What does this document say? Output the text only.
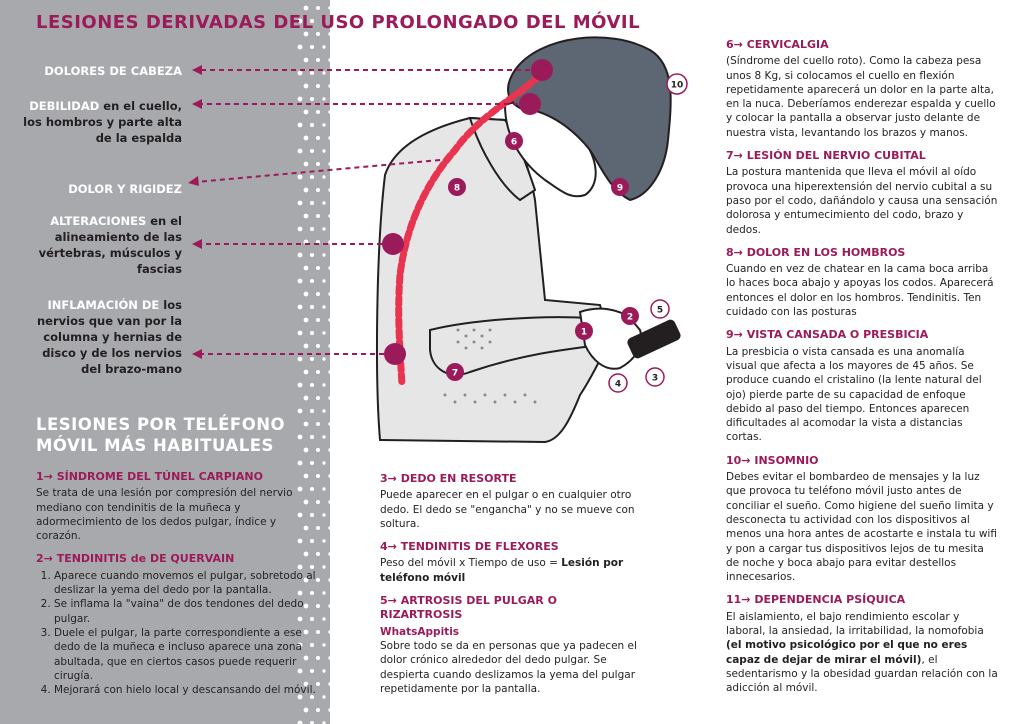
LESIONES DERIVADAS DEL USO PROLONGADO DEL MÓVIL
DOLORES DE CABEZA
DEBILIDAD en el cuello, los hombros y parte alta de la espalda
DOLOR Y RIGIDEZ
ALTERACIONES en el alineamiento de las vértebras, músculos y fascias
INFLAMACIÓN DE los nervios que van por la columna y hernias de disco y de los nervios del brazo-mano
1
2
3
4
5
6
7
8	9
10
LESIONES POR TELÉFONO MÓVIL MÁS HABITUALES
1→ SÍNDROME DEL TÚNEL CARPIANO

Se trata de una lesión por compresión del nervio mediano con tendinitis de la muñeca y adormecimiento de los dedos pulgar, índice y corazón.

2→ TENDINITIS de DE QUERVAIN
1. Aparece cuando movemos el pulgar, sobretodo al deslizar la yema del dedo por la pantalla.
2. Se inflama la "vaina" de dos tendones del dedo pulgar.
3. Duele el pulgar, la parte correspondiente a ese dedo de la muñeca e incluso aparece una zona abultada, que en ciertos casos puede requerir cirugía.
4. Mejorará con hielo local y descansando del móvil.
3→ DEDO EN RESORTE

Puede aparecer en el pulgar o en cualquier otro dedo. El dedo se "engancha" y no se mueve con soltura.

4→ TENDINITIS DE FLEXORES

Peso del móvil x Tiempo de uso = Lesión por teléfono móvil

5→ ARTROSIS DEL PULGAR O RIZARTROSIS
WhatsAppitis

Sobre todo se da en personas que ya padecen el dolor crónico alrededor del dedo pulgar. Se despierta cuando deslizamos la yema del pulgar repetidamente por la pantalla.

6→ CERVICALGIA

(Síndrome del cuello roto). Como la cabeza pesa unos 8 Kg, si colocamos el cuello en flexión repetidamente aparecerá un dolor en la parte alta, en la nuca. Deberíamos enderezar espalda y cuello y colocar la pantalla a observar justo delante de nuestra vista, levantando los brazos y manos.

7→ LESIÓN DEL NERVIO CUBITAL

La postura mantenida que lleva el móvil al oído provoca una hiperextensión del nervio cubital a su paso por el codo, dañándolo y causa una sensación dolorosa y entumecimiento del codo, brazo y dedos.

8→ DOLOR EN LOS HOMBROS

Cuando en vez de chatear en la cama boca arriba lo haces boca abajo y apoyas los codos. Aparecerá entonces el dolor en los hombros. Tendinitis. Ten cuidado con las posturas

9→ VISTA CANSADA O PRESBICIA

La presbicia o vista cansada es una anomalía visual que afecta a los mayores de 45 años. Se produce cuando el cristalino (la lente natural del ojo) pierde parte de su capacidad de enfoque debido al paso del tiempo. Entonces aparecen dificultades al acomodar la vista a distancias cortas.

10→ INSOMNIO

Debes evitar el bombardeo de mensajes y la luz que provoca tu teléfono móvil justo antes de conciliar el sueño. Como higiene del sueño limita y desconecta tu actividad con los dispositivos al menos una hora antes de acostarte e instala tu wifi y pon a cargar tus dispositivos lejos de tu mesita de noche y boca abajo para evitar destellos innecesarios.

11→ DEPENDENCIA PSÍQUICA

El aislamiento, el bajo rendimiento escolar y laboral, la ansiedad, la irritabilidad, la nomofobia (el motivo psicológico por el que no eres capaz de dejar de mirar el móvil), el sedentarismo y la obesidad guardan relación con la adicción al móvil.
